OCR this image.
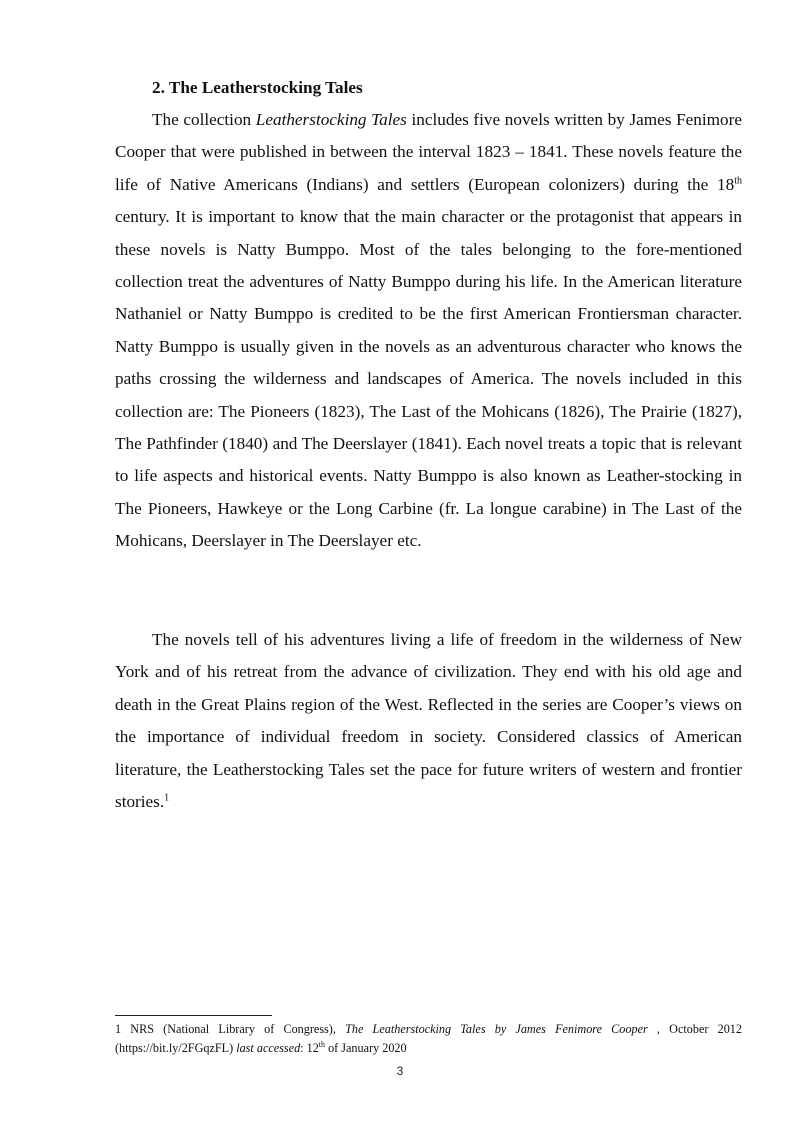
2. The Leatherstocking Tales

The collection Leatherstocking Tales includes five novels written by James Fenimore Cooper that were published in between the interval 1823 – 1841. These novels feature the life of Native Americans (Indians) and settlers (European colonizers) during the 18th century. It is important to know that the main character or the protagonist that appears in these novels is Natty Bumppo. Most of the tales belonging to the fore-mentioned collection treat the adventures of Natty Bumppo during his life. In the American literature Nathaniel or Natty Bumppo is credited to be the first American Frontiersman character. Natty Bumppo is usually given in the novels as an adventurous character who knows the paths crossing the wilderness and landscapes of America. The novels included in this collection are: The Pioneers (1823), The Last of the Mohicans (1826), The Prairie (1827), The Pathfinder (1840) and The Deerslayer (1841). Each novel treats a topic that is relevant to life aspects and historical events. Natty Bumppo is also known as Leather-stocking in The Pioneers, Hawkeye or the Long Carbine (fr. La longue carabine) in The Last of the Mohicans, Deerslayer in The Deerslayer etc.

The novels tell of his adventures living a life of freedom in the wilderness of New York and of his retreat from the advance of civilization. They end with his old age and death in the Great Plains region of the West. Reflected in the series are Cooper’s views on the importance of individual freedom in society. Considered classics of American literature, the Leatherstocking Tales set the pace for future writers of western and frontier stories.$^1$

1 NRS (National Library of Congress), The Leatherstocking Tales by James Fenimore Cooper , October 2012 (https://bit.ly/2FGqzFL) last accessed: 12th of January 2020
3
